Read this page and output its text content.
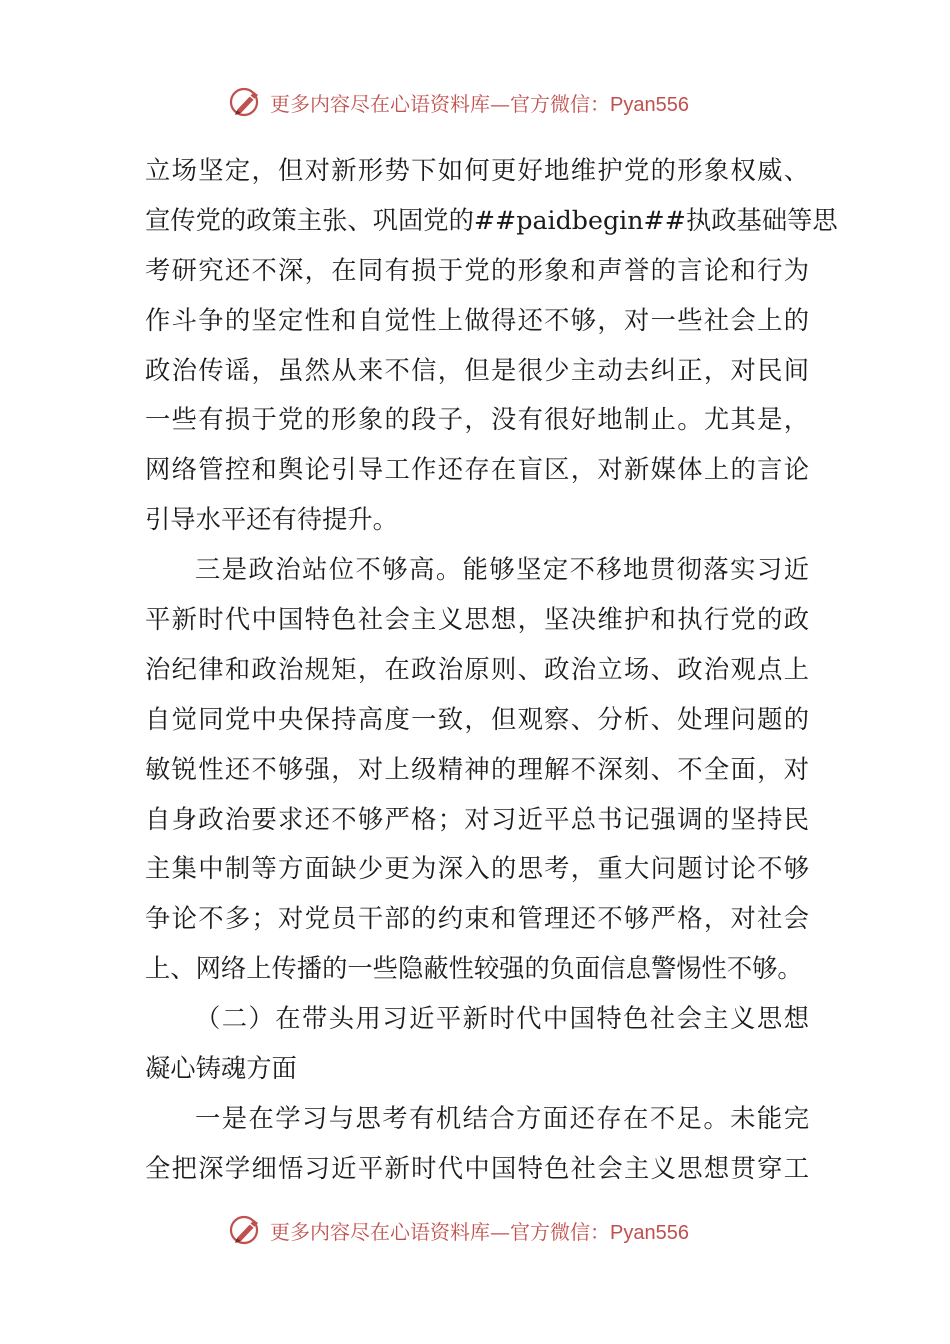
更多内容尽在心语资料库—官方微信：Pyan556
立场坚定，但对新形势下如何更好地维护党的形象权威、
宣传党的政策主张、巩固党的##paidbegin##执政基础等思
考研究还不深，在同有损于党的形象和声誉的言论和行为
作斗争的坚定性和自觉性上做得还不够，对一些社会上的
政治传谣，虽然从来不信，但是很少主动去纠正，对民间
一些有损于党的形象的段子，没有很好地制止。尤其是，
网络管控和舆论引导工作还存在盲区，对新媒体上的言论
引导水平还有待提升。
三是政治站位不够高。能够坚定不移地贯彻落实习近
平新时代中国特色社会主义思想，坚决维护和执行党的政
治纪律和政治规矩，在政治原则、政治立场、政治观点上
自觉同党中央保持高度一致，但观察、分析、处理问题的
敏锐性还不够强，对上级精神的理解不深刻、不全面，对
自身政治要求还不够严格；对习近平总书记强调的坚持民
主集中制等方面缺少更为深入的思考，重大问题讨论不够
争论不多；对党员干部的约束和管理还不够严格，对社会
上、网络上传播的一些隐蔽性较强的负面信息警惕性不够。
（二）在带头用习近平新时代中国特色社会主义思想
凝心铸魂方面
一是在学习与思考有机结合方面还存在不足。未能完
全把深学细悟习近平新时代中国特色社会主义思想贯穿工
更多内容尽在心语资料库—官方微信：Pyan556
